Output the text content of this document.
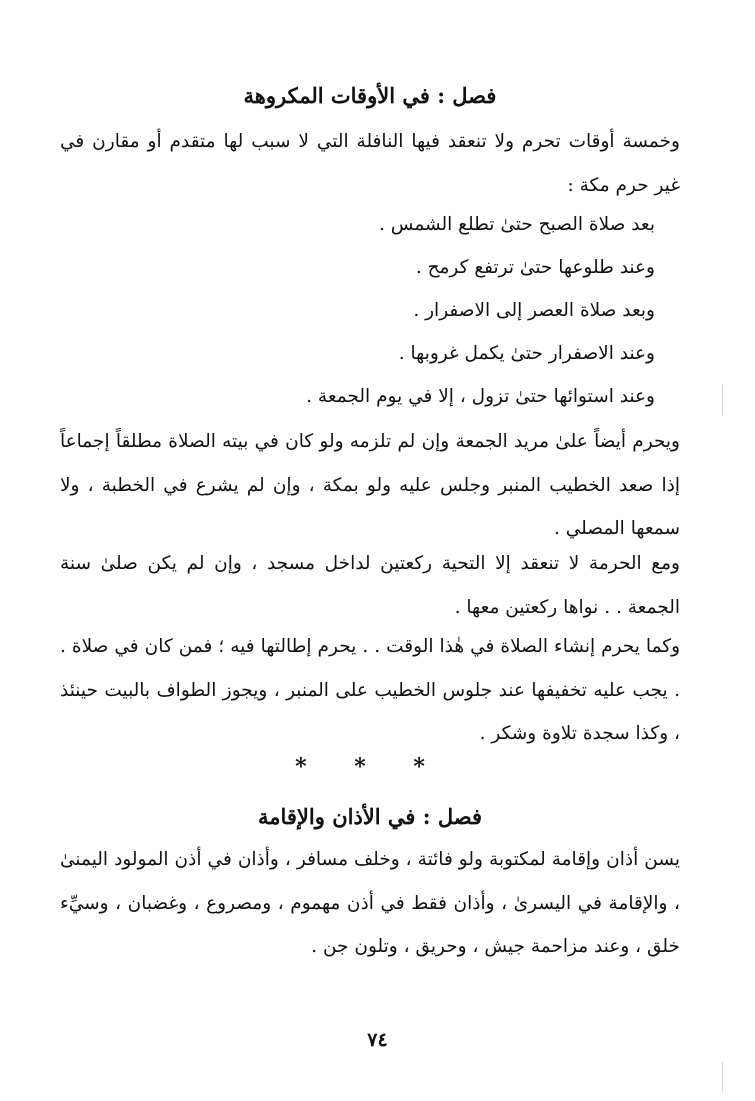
فصل : في الأوقات المكروهة

وخمسة أوقات تحرم ولا تنعقد فيها النافلة التي لا سبب لها متقدم أو مقارن في غير حرم مكة :

بعد صلاة الصبح حتىٰ تطلع الشمس .

وعند طلوعها حتىٰ ترتفع كرمح .

وبعد صلاة العصر إلى الاصفرار .

وعند الاصفرار حتىٰ يكمل غروبها .

وعند استوائها حتىٰ تزول ، إلا في يوم الجمعة .

ويحرم أيضاً علىٰ مريد الجمعة وإن لم تلزمه ولو كان في بيته الصلاة مطلقاً إجماعاً إذا صعد الخطيب المنبر وجلس عليه ولو بمكة ، وإن لم يشرع في الخطبة ، ولا سمعها المصلي .

ومع الحرمة لا تنعقد إلا التحية ركعتين لداخل مسجد ، وإن لم يكن صلىٰ سنة الجمعة . . نواها ركعتين معها .

وكما يحرم إنشاء الصلاة في هٰذا الوقت . . يحرم إطالتها فيه ؛ فمن كان في صلاة . . يجب عليه تخفيفها عند جلوس الخطيب على المنبر ، ويجوز الطواف بالبيت حينئذ ، وكذا سجدة تلاوة وشكر .

* * *
فصل : في الأذان والإقامة

يسن أذان وإقامة لمكتوبة ولو فائتة ، وخلف مسافر ، وأذان في أذن المولود اليمنىٰ ، والإقامة في اليسرىٰ ، وأذان فقط في أذن مهموم ، ومصروع ، وغضبان ، وسيِّء خلق ، وعند مزاحمة جيش ، وحريق ، وتلون جن .

٧٤
